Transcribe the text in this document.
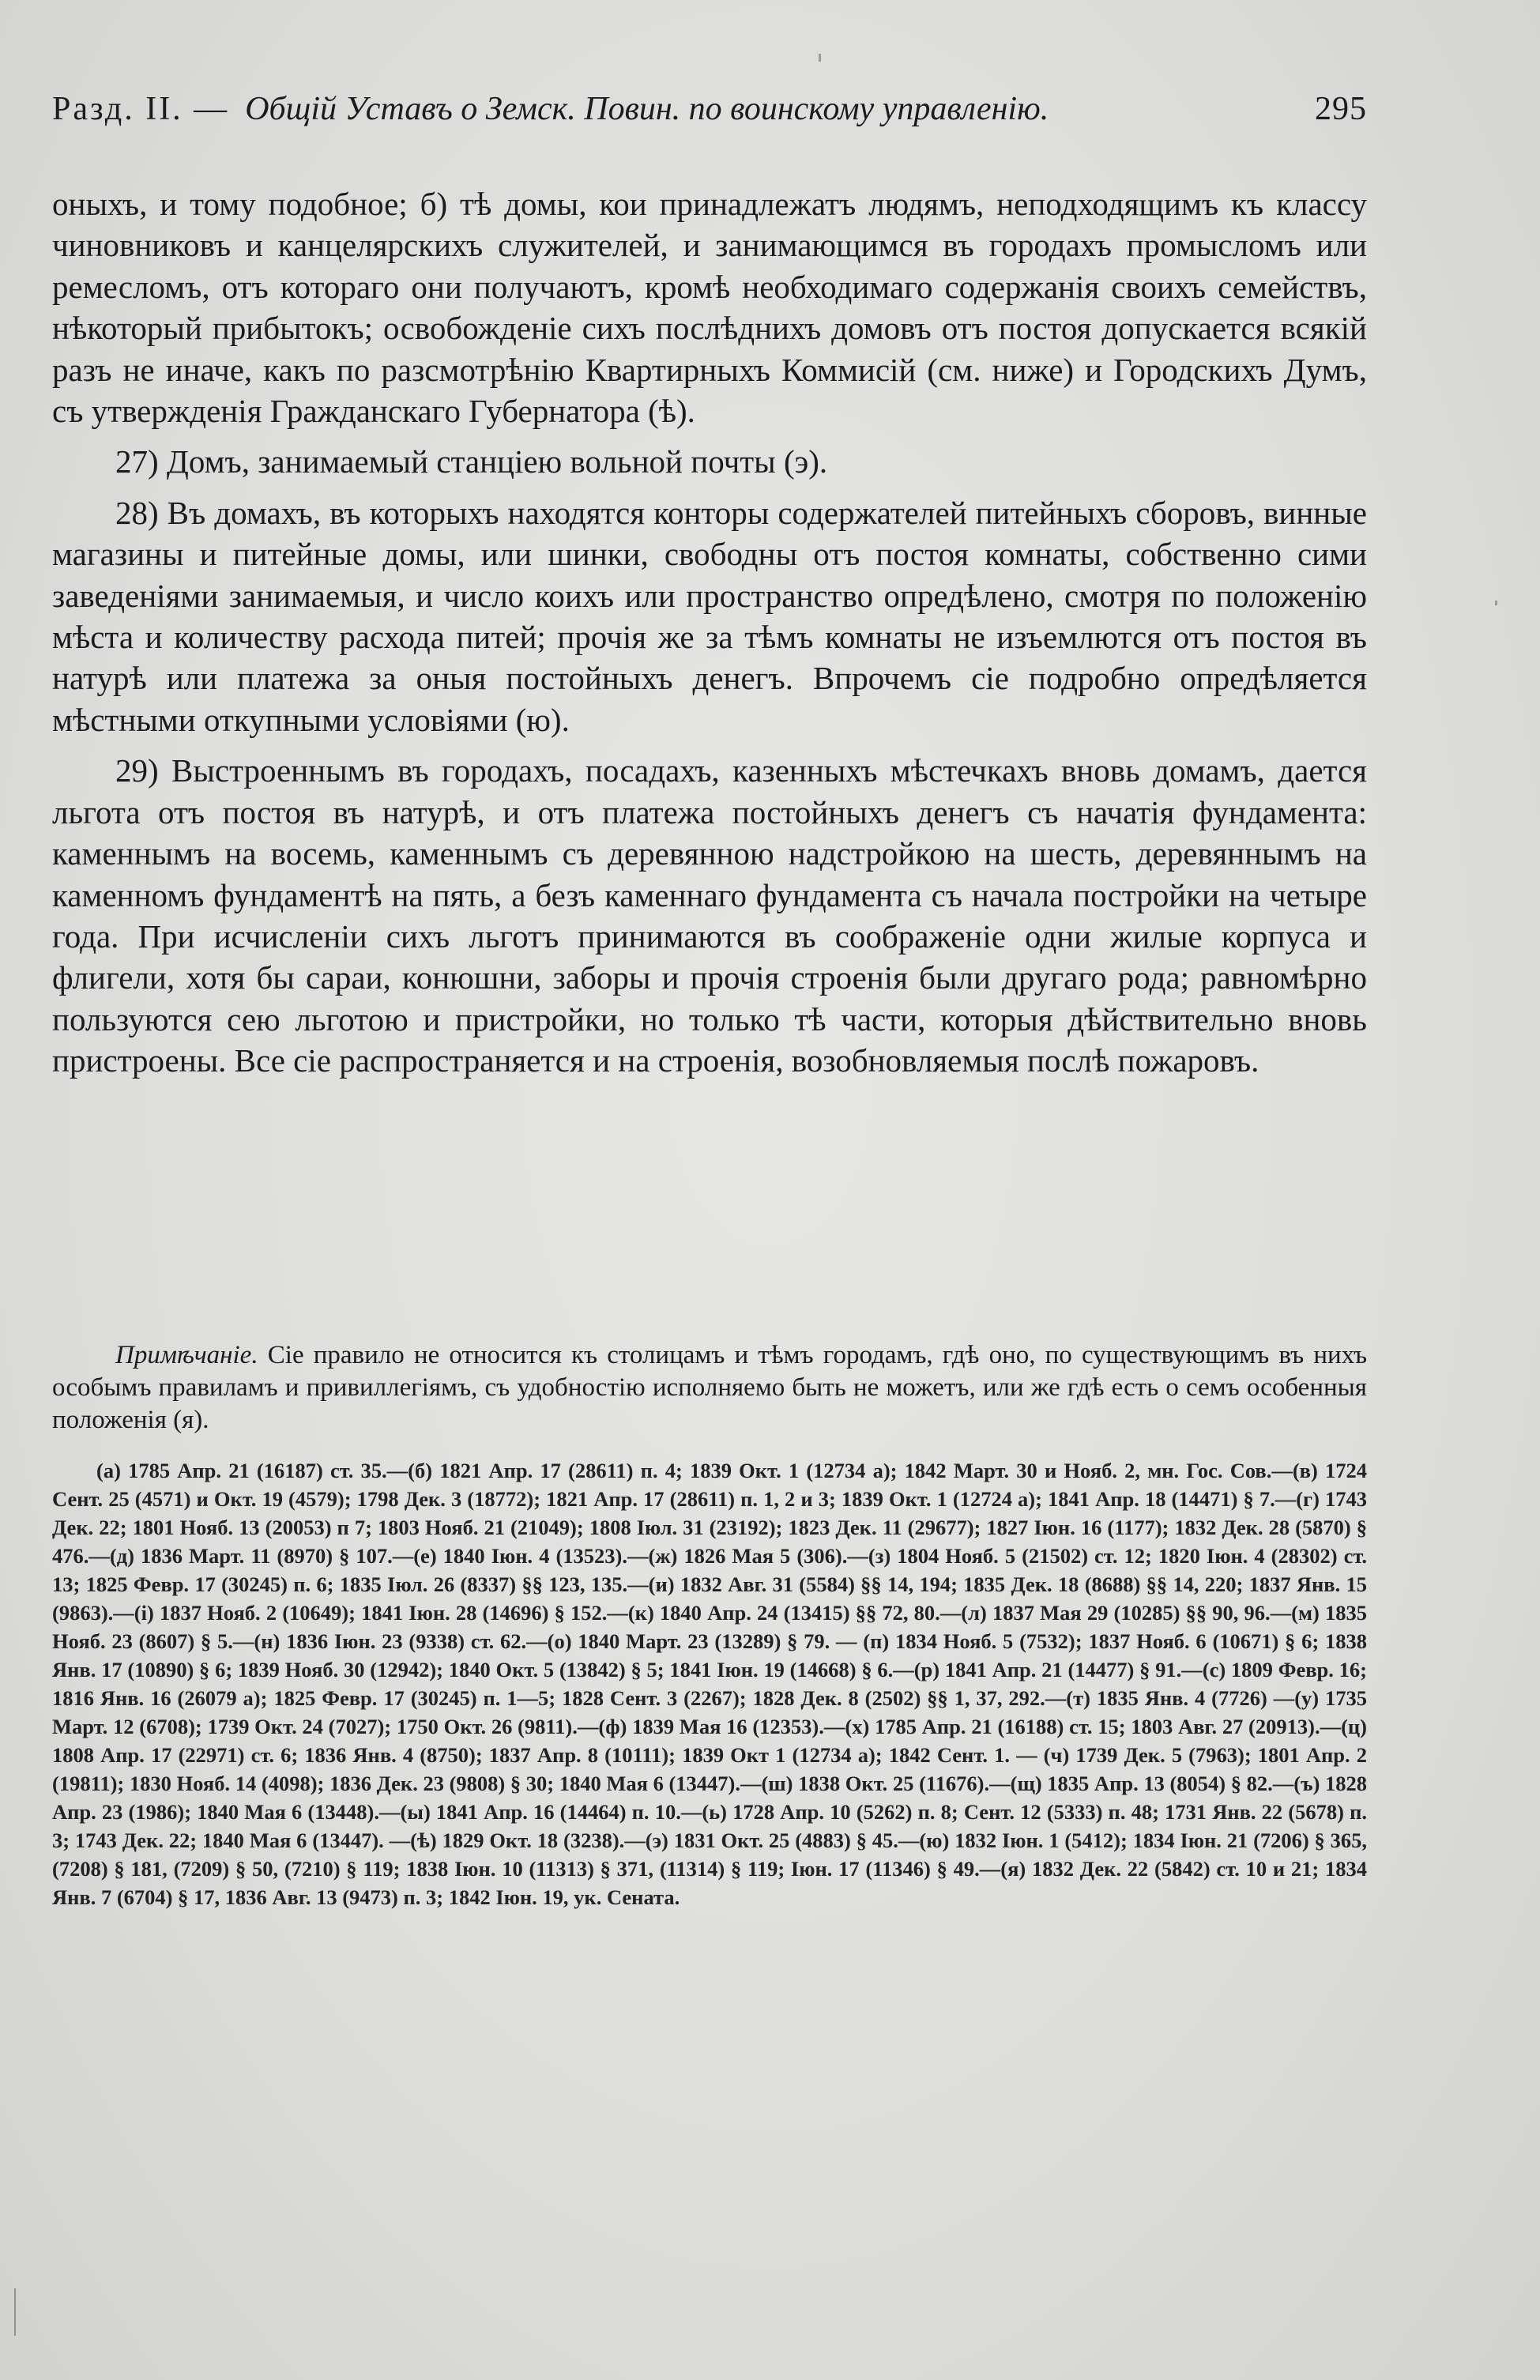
Разд. II. — Общій Уставъ о Земск. Повин. по воинскому управленію.	295

оныхъ, и тому подобное; б) тѣ домы, кои принадлежатъ людямъ, неподходящимъ къ классу чиновниковъ и канцелярскихъ служителей, и занимающимся въ городахъ промысломъ или ремесломъ, отъ котораго они получаютъ, кромѣ необходимаго содержанія своихъ семействъ, нѣкоторый прибытокъ; освобожденіе сихъ послѣднихъ домовъ отъ постоя допускается всякій разъ не иначе, какъ по разсмотрѣнію Квартирныхъ Коммисій (см. ниже) и Городскихъ Думъ, съ утвержденія Гражданскаго Губернатора (ѣ).

27) Домъ, занимаемый станціею вольной почты (э).

28) Въ домахъ, въ которыхъ находятся конторы содержателей питейныхъ сборовъ, винные магазины и питейные домы, или шинки, свободны отъ постоя комнаты, собственно сими заведеніями занимаемыя, и число коихъ или пространство опредѣлено, смотря по положенію мѣста и количеству расхода питей; прочія же за тѣмъ комнаты не изъемлются отъ постоя въ натурѣ или платежа за оныя постойныхъ денегъ. Впрочемъ сіе подробно опредѣляется мѣстными откупными условіями (ю).

29) Выстроеннымъ въ городахъ, посадахъ, казенныхъ мѣстечкахъ вновь домамъ, дается льгота отъ постоя въ натурѣ, и отъ платежа постойныхъ денегъ съ начатія фундамента: каменнымъ на восемь, каменнымъ съ деревянною надстройкою на шесть, деревяннымъ на каменномъ фундаментѣ на пять, а безъ каменнаго фундамента съ начала постройки на четыре года. При исчисленіи сихъ льготъ принимаются въ соображеніе одни жилые корпуса и флигели, хотя бы сараи, конюшни, заборы и прочія строенія были другаго рода; равномѣрно пользуются сею льготою и пристройки, но только тѣ части, которыя дѣйствительно вновь пристроены. Все сіе распространяется и на строенія, возобновляемыя послѣ пожаровъ.

Примѣчаніе. Сіе правило не относится къ столицамъ и тѣмъ городамъ, гдѣ оно, по существующимъ въ нихъ особымъ правиламъ и привиллегіямъ, съ удобностію исполняемо быть не можетъ, или же гдѣ есть о семъ особенныя положенія (я).
(а) 1785 Апр. 21 (16187) ст. 35.—(б) 1821 Апр. 17 (28611) п. 4; 1839 Окт. 1 (12734 а); 1842 Март. 30 и Нояб. 2, мн. Гос. Сов.—(в) 1724 Сент. 25 (4571) и Окт. 19 (4579); 1798 Дек. 3 (18772); 1821 Апр. 17 (28611) п. 1, 2 и 3; 1839 Окт. 1 (12724 а); 1841 Апр. 18 (14471) § 7.—(г) 1743 Дек. 22; 1801 Нояб. 13 (20053) п 7; 1803 Нояб. 21 (21049); 1808 Іюл. 31 (23192); 1823 Дек. 11 (29677); 1827 Іюн. 16 (1177); 1832 Дек. 28 (5870) § 476.—(д) 1836 Март. 11 (8970) § 107.—(е) 1840 Іюн. 4 (13523).—(ж) 1826 Мая 5 (306).—(з) 1804 Нояб. 5 (21502) ст. 12; 1820 Іюн. 4 (28302) ст. 13; 1825 Февр. 17 (30245) п. 6; 1835 Іюл. 26 (8337) §§ 123, 135.—(и) 1832 Авг. 31 (5584) §§ 14, 194; 1835 Дек. 18 (8688) §§ 14, 220; 1837 Янв. 15 (9863).—(і) 1837 Нояб. 2 (10649); 1841 Іюн. 28 (14696) § 152.—(к) 1840 Апр. 24 (13415) §§ 72, 80.—(л) 1837 Мая 29 (10285) §§ 90, 96.—(м) 1835 Нояб. 23 (8607) § 5.—(н) 1836 Іюн. 23 (9338) ст. 62.—(о) 1840 Март. 23 (13289) § 79. — (п) 1834 Нояб. 5 (7532); 1837 Нояб. 6 (10671) § 6; 1838 Янв. 17 (10890) § 6; 1839 Нояб. 30 (12942); 1840 Окт. 5 (13842) § 5; 1841 Іюн. 19 (14668) § 6.—(р) 1841 Апр. 21 (14477) § 91.—(с) 1809 Февр. 16; 1816 Янв. 16 (26079 а); 1825 Февр. 17 (30245) п. 1—5; 1828 Сент. 3 (2267); 1828 Дек. 8 (2502) §§ 1, 37, 292.—(т) 1835 Янв. 4 (7726) —(у) 1735 Март. 12 (6708); 1739 Окт. 24 (7027); 1750 Окт. 26 (9811).—(ф) 1839 Мая 16 (12353).—(х) 1785 Апр. 21 (16188) ст. 15; 1803 Авг. 27 (20913).—(ц) 1808 Апр. 17 (22971) ст. 6; 1836 Янв. 4 (8750); 1837 Апр. 8 (10111); 1839 Окт 1 (12734 а); 1842 Сент. 1. — (ч) 1739 Дек. 5 (7963); 1801 Апр. 2 (19811); 1830 Нояб. 14 (4098); 1836 Дек. 23 (9808) § 30; 1840 Мая 6 (13447).—(ш) 1838 Окт. 25 (11676).—(щ) 1835 Апр. 13 (8054) § 82.—(ъ) 1828 Апр. 23 (1986); 1840 Мая 6 (13448).—(ы) 1841 Апр. 16 (14464) п. 10.—(ь) 1728 Апр. 10 (5262) п. 8; Сент. 12 (5333) п. 48; 1731 Янв. 22 (5678) п. 3; 1743 Дек. 22; 1840 Мая 6 (13447). —(ѣ) 1829 Окт. 18 (3238).—(э) 1831 Окт. 25 (4883) § 45.—(ю) 1832 Іюн. 1 (5412); 1834 Іюн. 21 (7206) § 365, (7208) § 181, (7209) § 50, (7210) § 119; 1838 Іюн. 10 (11313) § 371, (11314) § 119; Іюн. 17 (11346) § 49.—(я) 1832 Дек. 22 (5842) ст. 10 и 21; 1834 Янв. 7 (6704) § 17, 1836 Авг. 13 (9473) п. 3; 1842 Іюн. 19, ук. Сената.
